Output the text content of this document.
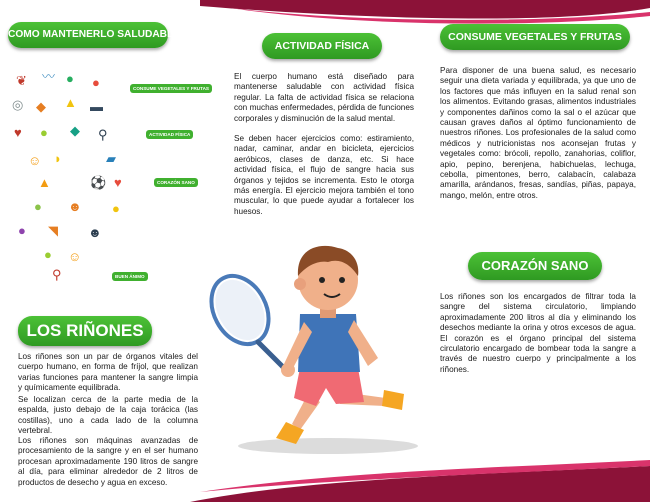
COMO MANTENERLO SALUDABLE
❦ 〰 ● ●
◎ ◆ ▲ ▬
♥ ● ◆ ⚲
☺ ◗	▰
▲	⚽ ♥
● ☻ ●
● ◥ ☻
● ☺
⚲
CONSUME VEGETALES Y FRUTAS
ACTIVIDAD FÍSICA
CORAZÓN SANO
BUEN ÁNIMO
LOS RIÑONES

Los riñones son un par de órganos vitales del cuerpo humano, en forma de fríjol, que realizan varias funciones para mantener la sangre limpia y químicamente equilibrada.

Se localizan cerca de la parte media de la espalda, justo debajo de la caja torácica (las costillas), uno a cada lado de la columna vertebral.

Los riñones son máquinas avanzadas de procesamiento de la sangre y en el ser humano procesan aproximadamente 190 litros de sangre al día, para eliminar alrededor de 2 litros de productos de desecho y agua en exceso.

ACTIVIDAD FÍSICA

El cuerpo humano está diseñado para mantenerse saludable con actividad física regular. La falta de actividad física se relaciona con muchas enfermedades, pérdida de funciones corporales y disminución de la salud mental.

Se deben hacer ejercicios como: estiramiento, nadar, caminar, andar en bicicleta, ejercicios aeróbicos, clases de danza, etc. Si hace actividad física, el flujo de sangre hacia sus órganos y tejidos se incrementa. Esto le otorga más energía. El ejercicio mejora también el tono muscular, lo que puede ayudar a fortalecer los huesos.

CONSUME VEGETALES Y FRUTAS

Para disponer de una buena salud, es necesario seguir una dieta variada y equilibrada, ya que uno de los factores que más influyen en la salud renal son los alimentos. Evitando grasas, alimentos industriales y componentes dañinos como la sal o el azúcar que causan graves daños al óptimo funcionamiento de nuestros riñones. Los profesionales de la salud como médicos y nutricionistas nos aconsejan frutas y vegetales como: brócoli, repollo, zanahorias, coliflor, apio, pepino, berenjena, habichuelas, lechuga, cebolla, pimentones, berro, calabacín, calabaza amarilla, arándanos, fresas, sandías, piñas, papaya, mango, melón, entre otros.

CORAZÓN SANO

Los riñones son los encargados de filtrar toda la sangre del sistema circulatorio, limpiando aproximadamente 200 litros al día y eliminando los desechos mediante la orina y otros excesos de agua. El corazón es el órgano principal del sistema circulatorio encargado de bombear toda la sangre a través de nuestro cuerpo y principalmente a los riñones.
